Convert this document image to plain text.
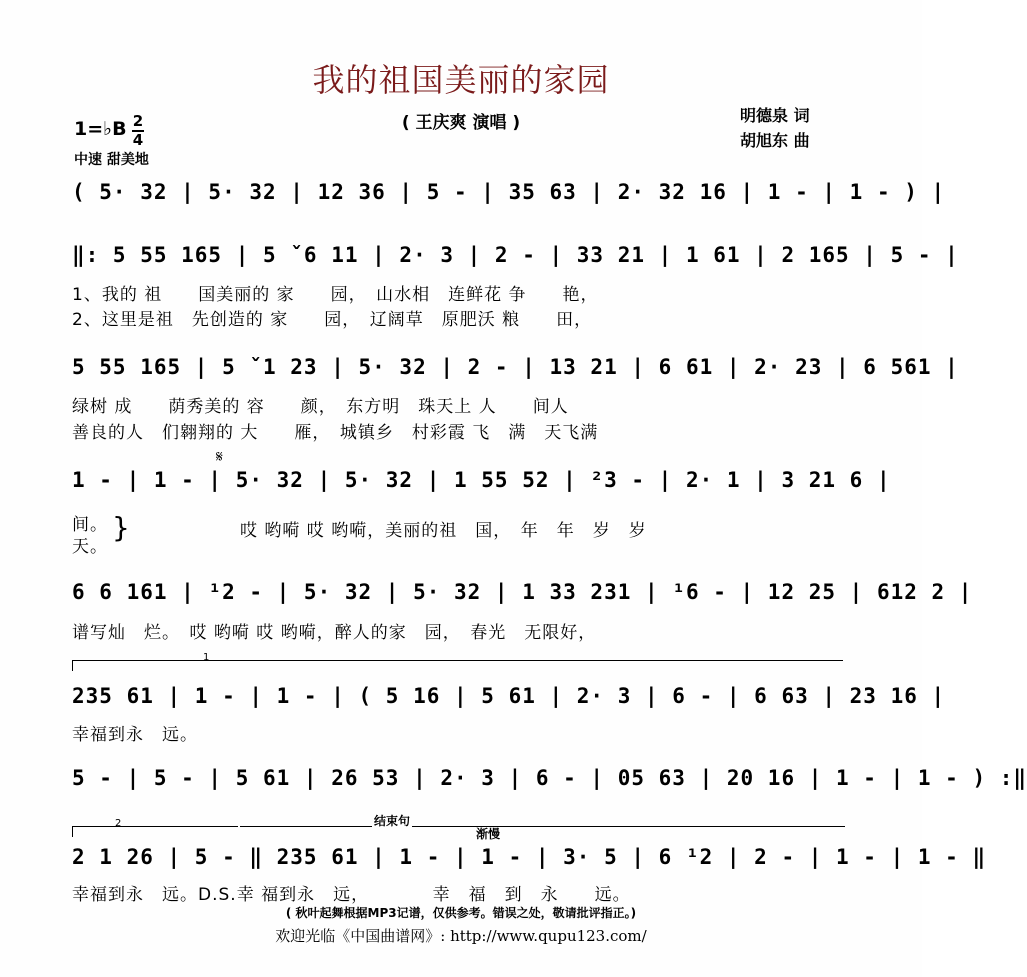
我的祖国美丽的家园
( 王庆爽 演唱 )	明德泉 词
胡旭东 曲
1=♭B 2
4
中速 甜美地
( 5· 32 | 5· 32 | 12 36 | 5 - | 35 63 | 2· 32 16 | 1 - | 1 - ) |
‖: 5 55 165 | 5 ˇ6 11 | 2· 3 | 2 - | 33 21 | 1 61 | 2 165 | 5 - |
1、我的 祖　　国美丽的 家　　园，　山水相　连鲜花 争　　艳，
2、这里是祖　先创造的 家　　园，　辽阔草　原肥沃 粮　　田，
5 55 165 | 5 ˇ1 23 | 5· 32 | 2 - | 13 21 | 6 61 | 2· 23 | 6 561 |
绿树 成　　荫秀美的 容　　颜，　东方明　珠天上 人　　间人
善良的人　们翱翔的 大　　雁，　城镇乡　村彩霞 飞　满　天飞满
𝄋
1 - | 1 - | 5· 32 | 5· 32 | 1 55 52 | ²3 - | 2· 1 | 3 21 6 |
间。
天。
}	哎 哟嗬 哎 哟嗬，美丽的祖　国，　年　年　岁　岁
6 6 161 | ¹2 - | 5· 32 | 5· 32 | 1 33 231 | ¹6 - | 12 25 | 612 2 |
谱写灿　烂。　哎 哟嗬 哎 哟嗬，醉人的家　园，　春光　无限好，
1
235 61 | 1 - | 1 - | ( 5 16 | 5 61 | 2· 3 | 6 - | 6 63 | 23 16 |
幸福到永　远。
5 - | 5 - | 5 61 | 26 53 | 2· 3 | 6 - | 05 63 | 20 16 | 1 - | 1 - ) :‖
2	结束句
渐慢
2 1 26 | 5 - ‖ 235 61 | 1 - | 1 - | 3· 5 | 6 ¹2 | 2 - | 1 - | 1 - ‖
幸福到永　远。D.S.幸 福到永　远，　　　　幸　福　到　永　　远。
( 秋叶起舞根据MP3记谱，仅供参考。错误之处，敬请批评指正。)
欢迎光临《中国曲谱网》: http://www.qupu123.com/
